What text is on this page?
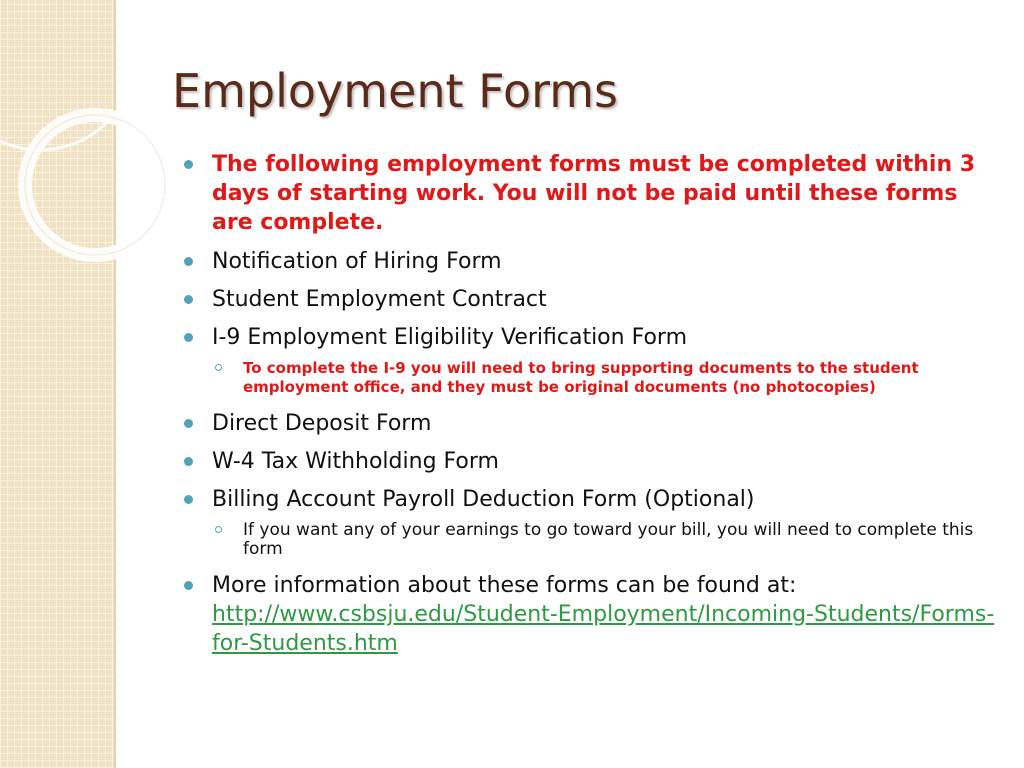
Employment Forms
The following employment forms must be completed within 3 days of starting work. You will not be paid until these forms are complete.
Notification of Hiring Form
Student Employment Contract
I-9 Employment Eligibility Verification Form
To complete the I-9 you will need to bring supporting documents to the student employment office, and they must be original documents (no photocopies)
Direct Deposit Form
W-4 Tax Withholding Form
Billing Account Payroll Deduction Form (Optional)
If you want any of your earnings to go toward your bill, you will need to complete this form
More information about these forms can be found at:
http://www.csbsju.edu/Student-Employment/Incoming-Students/Forms-for-Students.htm
